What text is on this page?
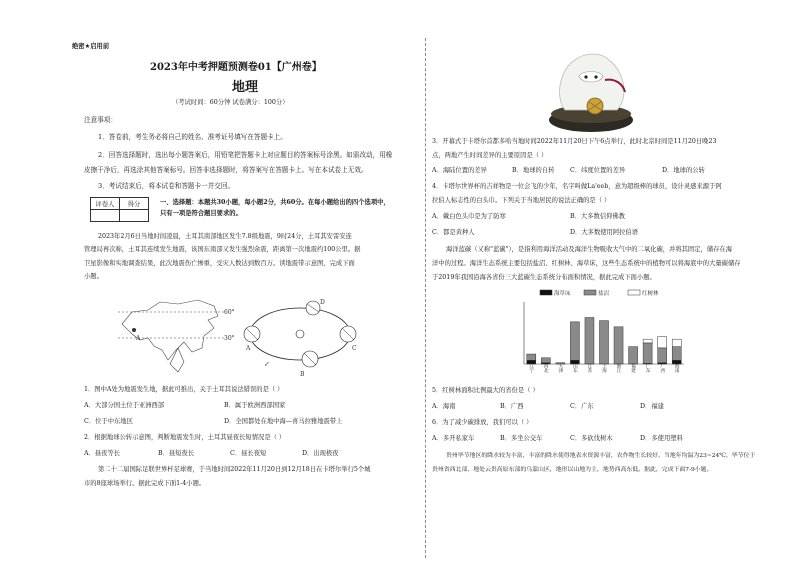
绝密★启用前
2023年中考押题预测卷01【广州卷】
地理
（考试时间：60分钟 试卷满分：100分）
注意事项：
1．答卷前，考生务必将自己的姓名、准考证号填写在答题卡上。
2．回答选择题时，选出每小题答案后，用铅笔把答题卡上对应题目的答案标号涂黑。如需改动，用橡
皮擦干净后，再选涂其他答案标号。回答非选择题时，将答案写在答题卡上。写在本试卷上无效。
3．考试结束后，将本试卷和答题卡一并交回。
评卷人	得分
		一、选择题：本题共30小题，每小题2分，共60分。在每小题给出的四个选项中，
只有一项是符合题目要求的。
2023年2月6日当地时间凌晨，土耳其南部地区发生7.8级地震，9时24分，土耳其安雷安连
管理局再次称，土耳其连续发生地震，该国东南部又发生强烈余震，距离第一次地震约100公里。据
卫星影像和实地调查结果，此次地震伤亡惨重，受灾人数达到数百万。读地震带示意图，完成下面
小题。
60°
30°
A
D
A	C
B
↙
1．图中A处为地震发生地，据此可推出，关于土耳其说法错误的是（ ）
A．大部分国土位于亚洲西部	B．属于欧洲西部国家
C．位于中东地区	D．全国都处在地中海—喜马拉雅地震带上
2．根据地球公转示意图，判断地震发生时，土耳其昼夜长短情况是（ ）
A．昼夜等长	B．昼短夜长	C．昼长夜短	D．出现极夜
第二十二届国际足联世界杯足球赛，于当地时间2022年11月20日到12月18日在卡塔尔举行5个城
市的8座球场举行。据此完成下面1-4小题。
3．开幕式于卡塔尔首都多哈当地时间2022年11月20日下午6点举行，此时北京时间是11月20日晚23
点，两地产生时间差异的主要原因是（ ）
A．海陆位置的差异	B．地球的自转 C．纬度位置的差异	D．地球的公转
4．卡塔尔世界杯的吉祥物是一位会飞的少年，名字叫做La'eeb，意为超级棒的球员，设计灵感来源于阿
拉伯人标志性的白头巾。下列关于当地居民的说法正确的是（ ）
A．戴白色头巾是为了防寒	B．大多数信仰佛教
C．都是黄种人	D．大多数使用阿拉伯语
海洋蓝碳（又称"蓝碳"），是指利用海洋活动及海洋生物吸收大气中的二氧化碳，并将其固定，储存在海
洋中的过程。海洋生态系统主要包括盐沼、红树林、海草床，这些生态系统中的植物可以将海底中的大量碳储存
于2019年我国沿海各省份三大蓝碳生态系统分布面积情况，据此完成下面小题。
海草床	盐沼	红树林
辽宁 河北 天津 山东 江苏 上海 浙江 福建 广东 广西 海南
5．红树林面积比例最大的省份是（ ）
A．海南	B．广西	C．广东	D．福建
6．为了减少碳排放，我们可以（ ）
A．多开私家车	B．多坐公交车	C．多砍伐树木	D．多使用塑料
贵州毕节地区的降水较为丰富，丰富的降水使得地表水资源丰富，农作物生长较好。当地年均温为23~24℃，毕节位于
贵州省西北部，地处云贵高原东部的乌蒙山区，地形以山地为主，地势西高东低。据此，完成下面7-9小题。
